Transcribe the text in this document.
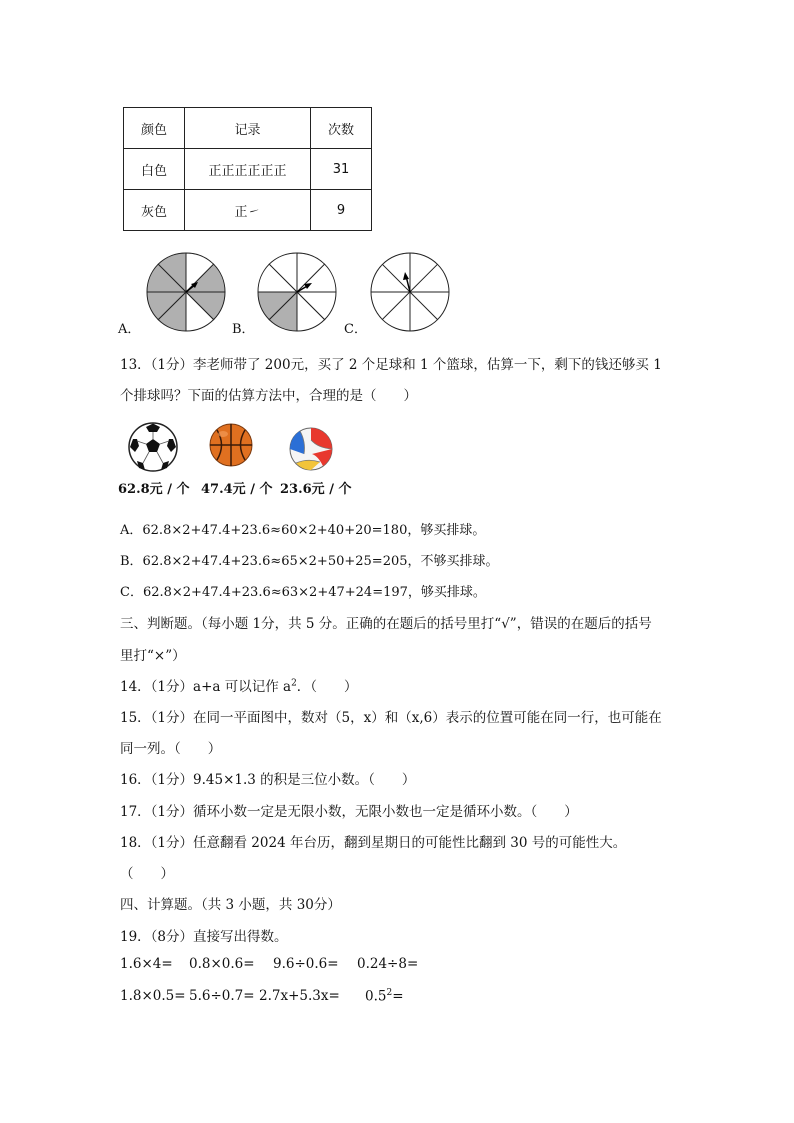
颜色	记录	次数
白色	正正正正正正	31
灰色	正㇀	9
A．	B．	C．
13．（1分）李老师带了 200元，买了 2 个足球和 1 个篮球，估算一下，剩下的钱还够买 1
个排球吗？下面的估算方法中，合理的是（　　）
62.8元 / 个 47.4元 / 个 23.6元 / 个
A．62.8×2+47.4+23.6≈60×2+40+20=180，够买排球。
B．62.8×2+47.4+23.6≈65×2+50+25=205，不够买排球。
C．62.8×2+47.4+23.6≈63×2+47+24=197，够买排球。
三、判断题。（每小题 1分，共 5 分。正确的在题后的括号里打“√”，错误的在题后的括号
里打“×”）
14．（1分）a+a 可以记作 $a^2$．（　　）
15．（1分）在同一平面图中，数对（5，x）和（x,6）表示的位置可能在同一行，也可能在
同一列。（　　）
16．（1分）9.45×1.3 的积是三位小数。（　　）
17．（1分）循环小数一定是无限小数，无限小数也一定是循环小数。（　　）
18．（1分）任意翻看 2024 年台历，翻到星期日的可能性比翻到 30 号的可能性大。
（　　）
四、计算题。（共 3 小题，共 30分）
19．（8分）直接写出得数。
1.6×4= 0.8×0.6= 9.6÷0.6= 0.24÷8=
$1.8\times 0.5= 5.6\div 0.7= 2.7x+5.3x= 0.5^2=$
